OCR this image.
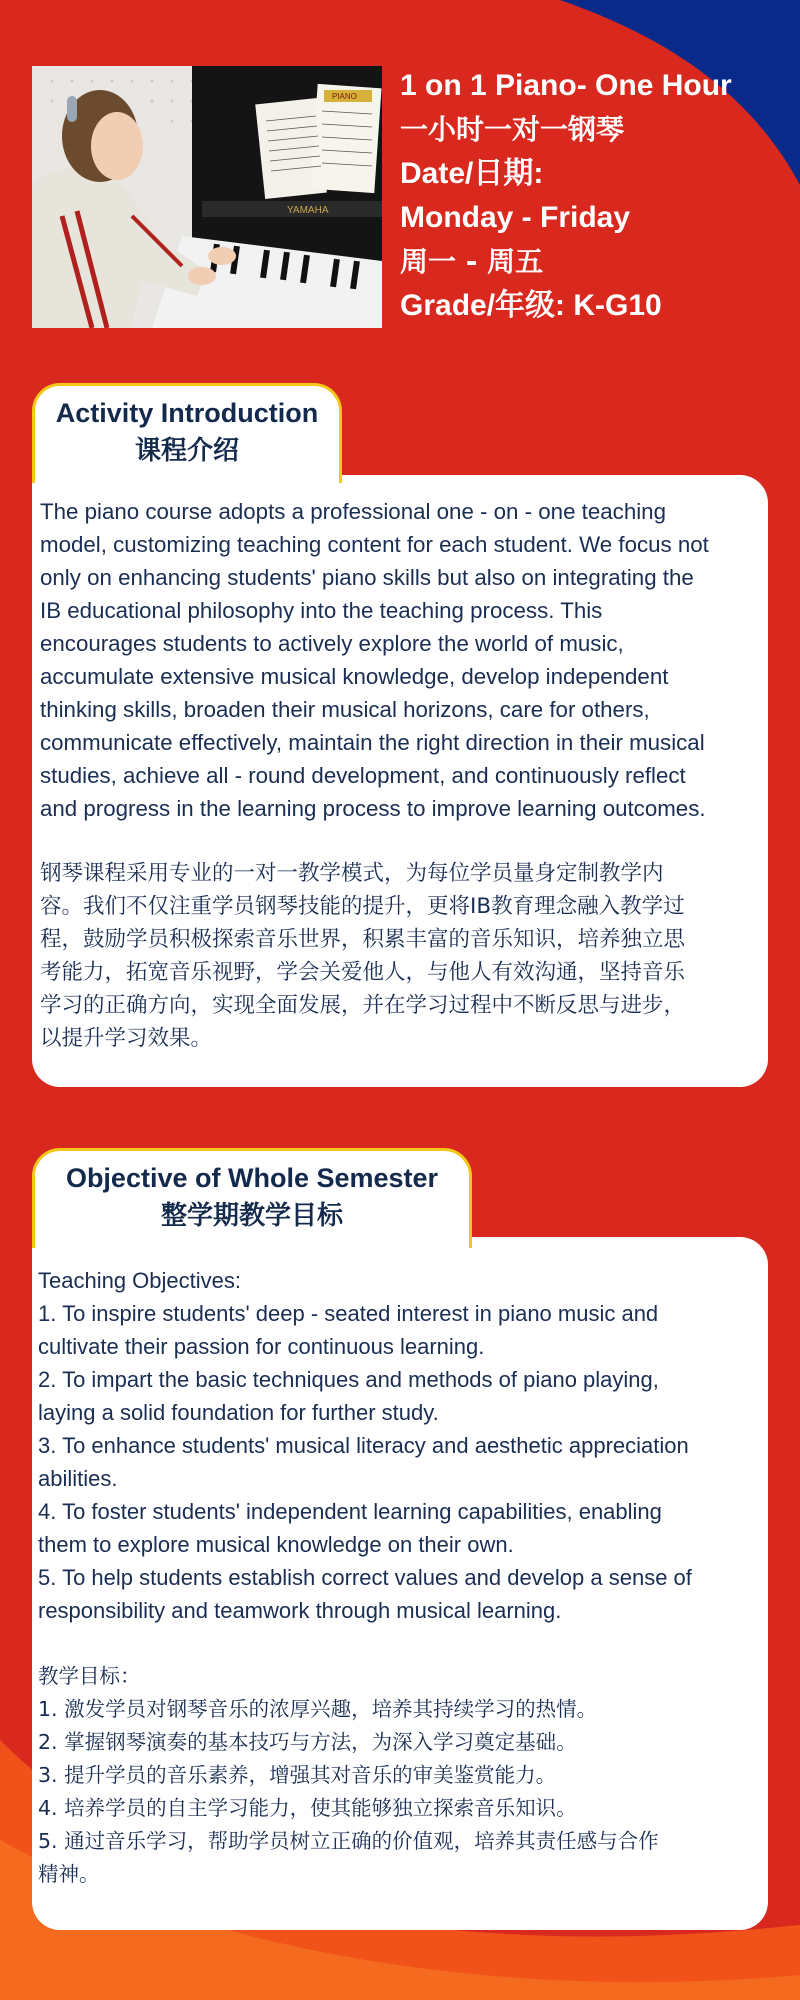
YAMAHA
PIANO 1 on 1 Piano- One Hour
一小时一对一钢琴
Date/日期:
Monday - Friday
周一 - 周五
Grade/年级: K-G10
Activity Introduction
课程介绍

The piano course adopts a professional one - on - one teaching
model, customizing teaching content for each student. We focus not
only on enhancing students' piano skills but also on integrating the
IB educational philosophy into the teaching process. This
encourages students to actively explore the world of music,
accumulate extensive musical knowledge, develop independent
thinking skills, broaden their musical horizons, care for others,
communicate effectively, maintain the right direction in their musical
studies, achieve all - round development, and continuously reflect
and progress in the learning process to improve learning outcomes.

钢琴课程采用专业的一对一教学模式，为每位学员量身定制教学内
容。我们不仅注重学员钢琴技能的提升，更将IB教育理念融入教学过
程，鼓励学员积极探索音乐世界，积累丰富的音乐知识，培养独立思
考能力，拓宽音乐视野，学会关爱他人，与他人有效沟通，坚持音乐
学习的正确方向，实现全面发展，并在学习过程中不断反思与进步，
以提升学习效果。

Objective of Whole Semester
整学期教学目标
Teaching Objectives:
1. To inspire students' deep - seated interest in piano music and
cultivate their passion for continuous learning.
2. To impart the basic techniques and methods of piano playing,
laying a solid foundation for further study.
3. To enhance students' musical literacy and aesthetic appreciation
abilities.
4. To foster students' independent learning capabilities, enabling
them to explore musical knowledge on their own.
5. To help students establish correct values and develop a sense of
responsibility and teamwork through musical learning.
教学目标：
1. 激发学员对钢琴音乐的浓厚兴趣，培养其持续学习的热情。
2. 掌握钢琴演奏的基本技巧与方法，为深入学习奠定基础。
3. 提升学员的音乐素养，增强其对音乐的审美鉴赏能力。
4. 培养学员的自主学习能力，使其能够独立探索音乐知识。
5. 通过音乐学习，帮助学员树立正确的价值观，培养其责任感与合作
精神。
